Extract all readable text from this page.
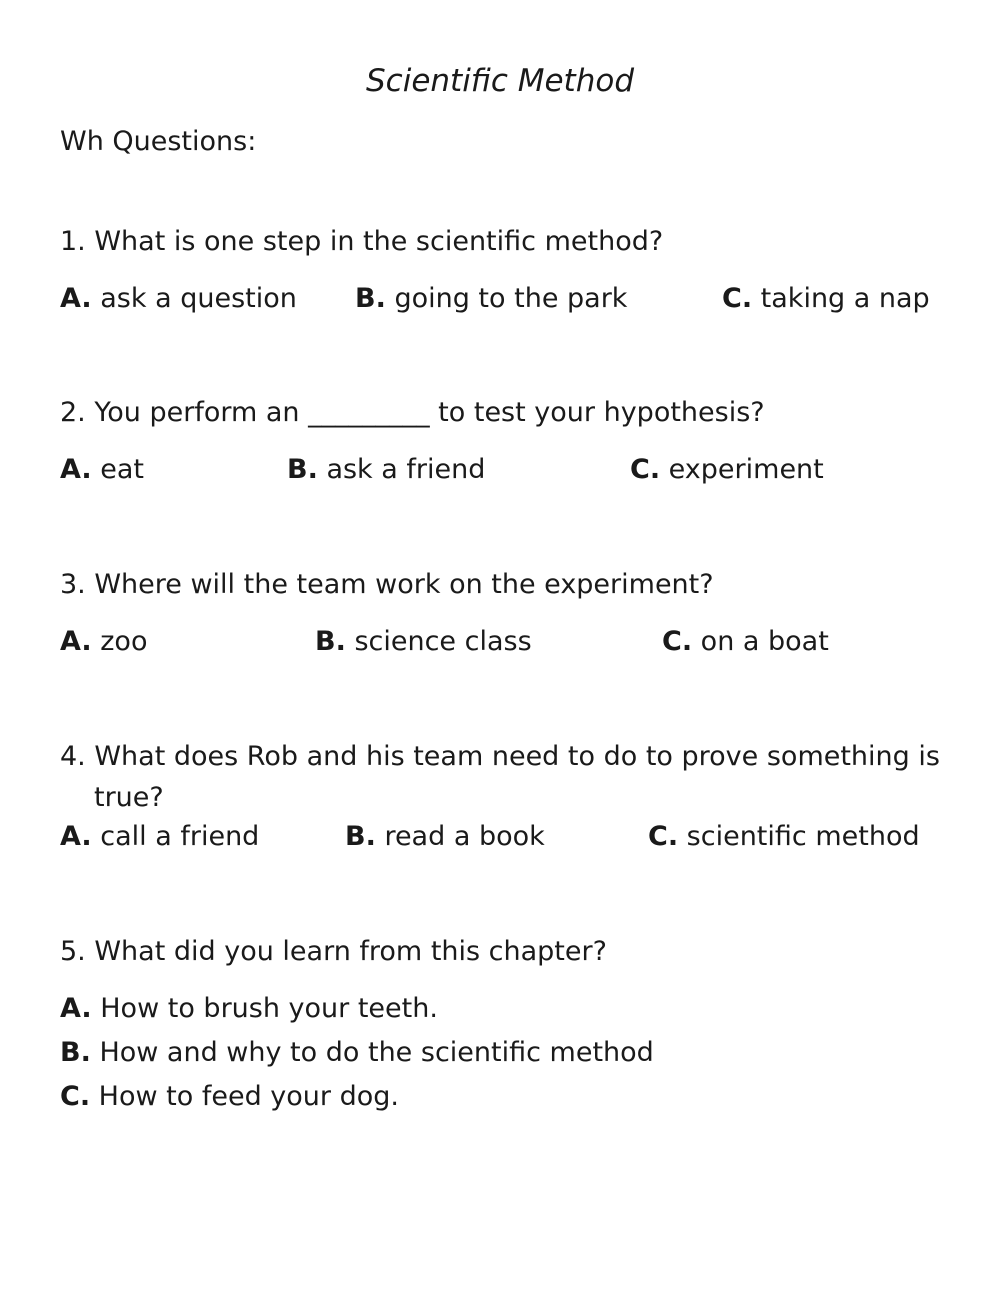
Scientific Method
Wh Questions:
1. What is one step in the scientific method?
A. ask a question B. going to the park	C. taking a nap
2. You perform an _________ to test your hypothesis?
A. eat	B. ask a friend	C. experiment
3. Where will the team work on the experiment?
A. zoo	B. science class	C. on a boat
4. What does Rob and his team need to do to prove something is
true?
A. call a friend	B. read a book	C. scientific method
5. What did you learn from this chapter?
A. How to brush your teeth.
B. How and why to do the scientific method
C. How to feed your dog.
